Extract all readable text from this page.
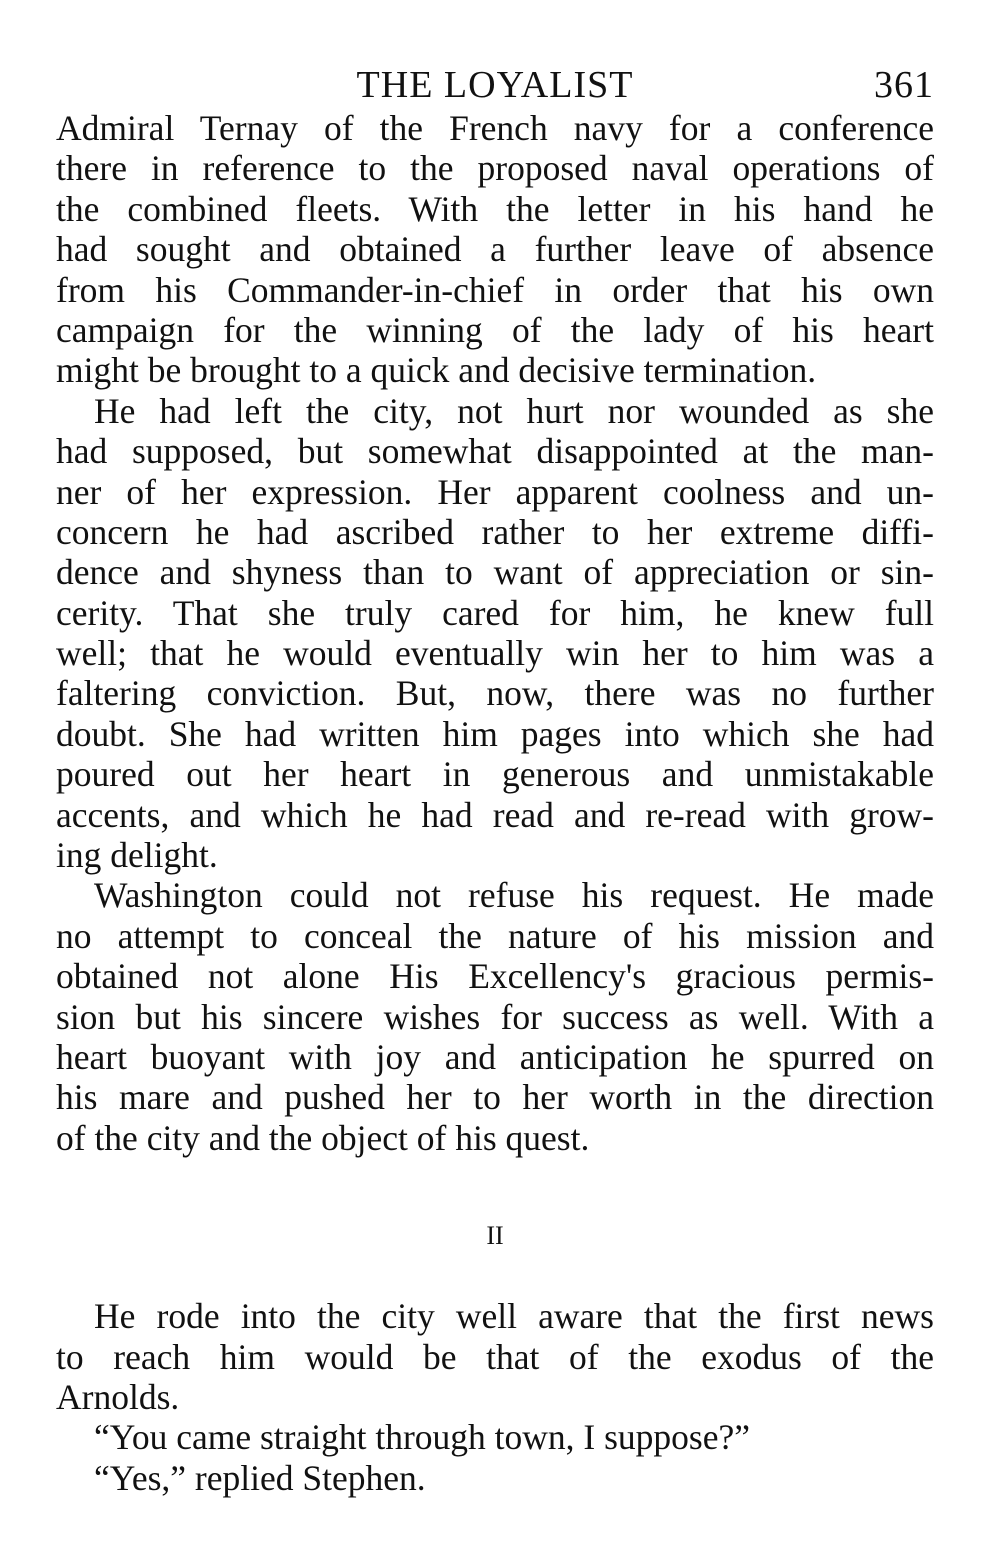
THE LOYALIST	361
Admiral Ternay of the French navy for a conference
there in reference to the proposed naval operations of
the combined fleets. With the letter in his hand he
had sought and obtained a further leave of absence
from his Commander-in-chief in order that his own
campaign for the winning of the lady of his heart
might be brought to a quick and decisive termination.
He had left the city, not hurt nor wounded as she
had supposed, but somewhat disappointed at the man-
ner of her expression. Her apparent coolness and un-
concern he had ascribed rather to her extreme diffi-
dence and shyness than to want of appreciation or sin-
cerity. That she truly cared for him, he knew full
well; that he would eventually win her to him was a
faltering conviction. But, now, there was no further
doubt. She had written him pages into which she had
poured out her heart in generous and unmistakable
accents, and which he had read and re-read with grow-
ing delight.
Washington could not refuse his request. He made
no attempt to conceal the nature of his mission and
obtained not alone His Excellency's gracious permis-
sion but his sincere wishes for success as well. With a
heart buoyant with joy and anticipation he spurred on
his mare and pushed her to her worth in the direction
of the city and the object of his quest.
II
He rode into the city well aware that the first news
to reach him would be that of the exodus of the
Arnolds.
“You came straight through town, I suppose?”
“Yes,” replied Stephen.
